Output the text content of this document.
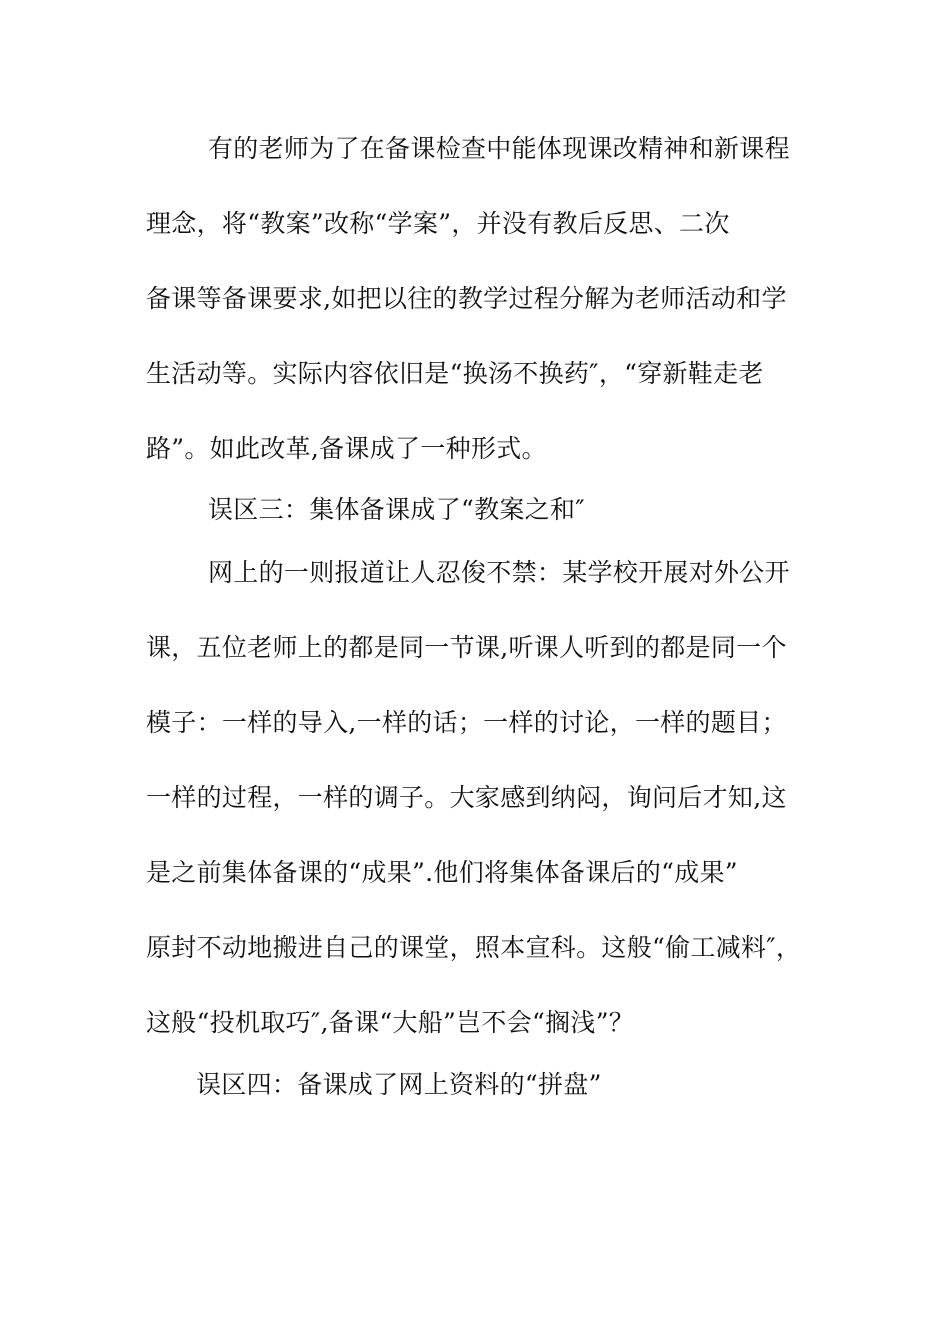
有的老师为了在备课检查中能体现课改精神和新课程
理念，将“教案”改称“学案”，并没有教后反思、二次
备课等备课要求,如把以往的教学过程分解为老师活动和学
生活动等。实际内容依旧是“换汤不换药″，“穿新鞋走老
路”。如此改革,备课成了一种形式。
误区三：集体备课成了“教案之和″
网上的一则报道让人忍俊不禁：某学校开展对外公开
课，五位老师上的都是同一节课,听课人听到的都是同一个
模子：一样的导入,一样的话；一样的讨论，一样的题目；
一样的过程，一样的调子。大家感到纳闷，询问后才知,这
是之前集体备课的“成果”.他们将集体备课后的“成果”
原封不动地搬进自己的课堂，照本宣科。这般“偷工减料″，
这般“投机取巧″,备课“大船”岂不会“搁浅”？
误区四：备课成了网上资料的“拼盘”
